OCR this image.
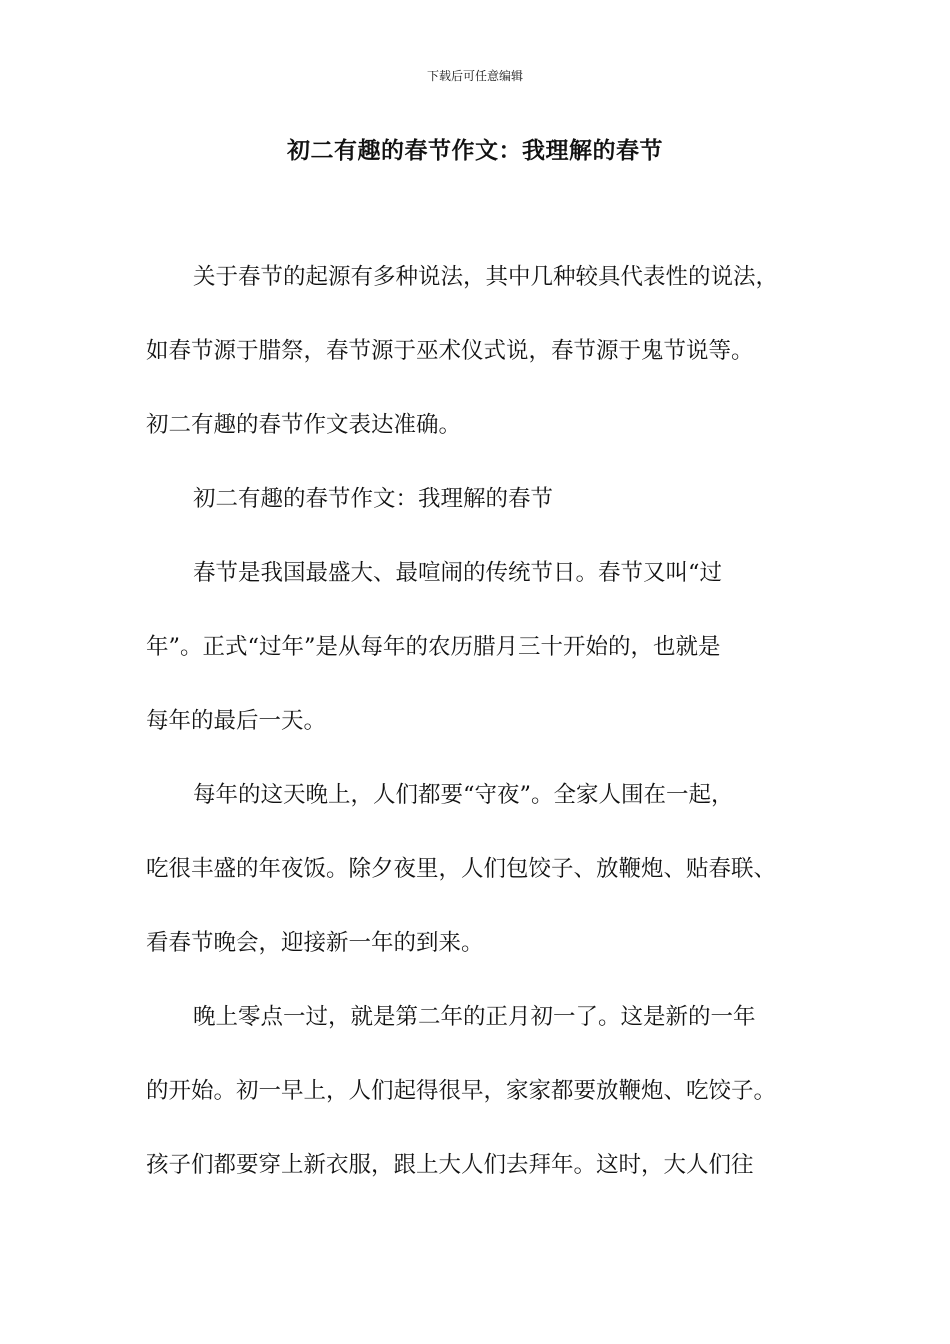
下载后可任意编辑
初二有趣的春节作文：我理解的春节
关于春节的起源有多种说法，其中几种较具代表性的说法，
如春节源于腊祭，春节源于巫术仪式说，春节源于鬼节说等。
初二有趣的春节作文表达准确。
初二有趣的春节作文：我理解的春节
春节是我国最盛大、最喧闹的传统节日。春节又叫“过
年”。正式“过年”是从每年的农历腊月三十开始的，也就是
每年的最后一天。
每年的这天晚上，人们都要“守夜”。全家人围在一起，
吃很丰盛的年夜饭。除夕夜里，人们包饺子、放鞭炮、贴春联、
看春节晚会，迎接新一年的到来。
晚上零点一过，就是第二年的正月初一了。这是新的一年
的开始。初一早上，人们起得很早，家家都要放鞭炮、吃饺子。
孩子们都要穿上新衣服，跟上大人们去拜年。这时，大人们往
